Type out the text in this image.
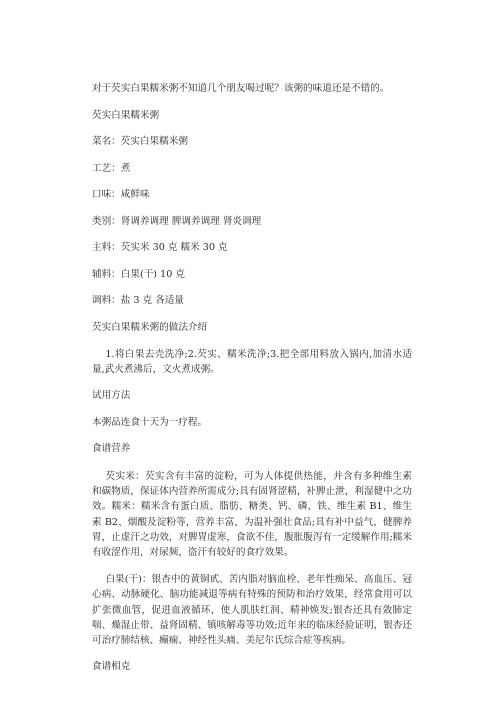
对于芡实白果糯米粥不知道几个朋友喝过呢？该粥的味道还是不错的。

芡实白果糯米粥

菜名：芡实白果糯米粥

工艺：煮

口味：咸鲜味

类别：肾调养调理 脾调养调理 肾炎调理

主料：芡实米 30 克 糯米 30 克

辅料：白果(干) 10 克

调料：盐 3 克 各适量

芡实白果糯米粥的做法介绍

1.将白果去壳洗净;2.芡实、糯米洗净;3.把全部用料放入锅内,加清水适量,武火煮沸后，文火煮成粥。

试用方法

本粥品连食十天为一疗程。

食谱营养

芡实米：芡实含有丰富的淀粉，可为人体提供热能，并含有多种维生素和碳物质，保证体内营养所需成分;具有固肾涩精，补脾止泄，利湿健中之功效。糯米：糯米含有蛋白质、脂肪、糖类、钙、磷、铁、维生素 B1、维生素 B2、烟酸及淀粉等，营养丰富，为温补强壮食品;具有补中益气，健脾养胃，止虚汗之功效，对脾胃虚寒，食欲不佳，腹胀腹泻有一定缓解作用;糯米有收涩作用，对尿频，盗汗有较好的食疗效果。

白果(干)：银杏中的黄铜甙、苦内脂对脑血栓、老年性痴呆、高血压、冠心病、动脉硬化、脑功能减退等病有特殊的预防和治疗效果，经常食用可以扩张微血管，促进血液循环，使人肌肤红润、精神焕发;银杏还具有敛肺定喘、燥湿止带、益肾固精、镇咳解毒等功效;近年来的临床经验证明，银杏还可治疗肺结核、癫痫、神经性头痛、美尼尔氏综合症等疾病。

食谱相克
